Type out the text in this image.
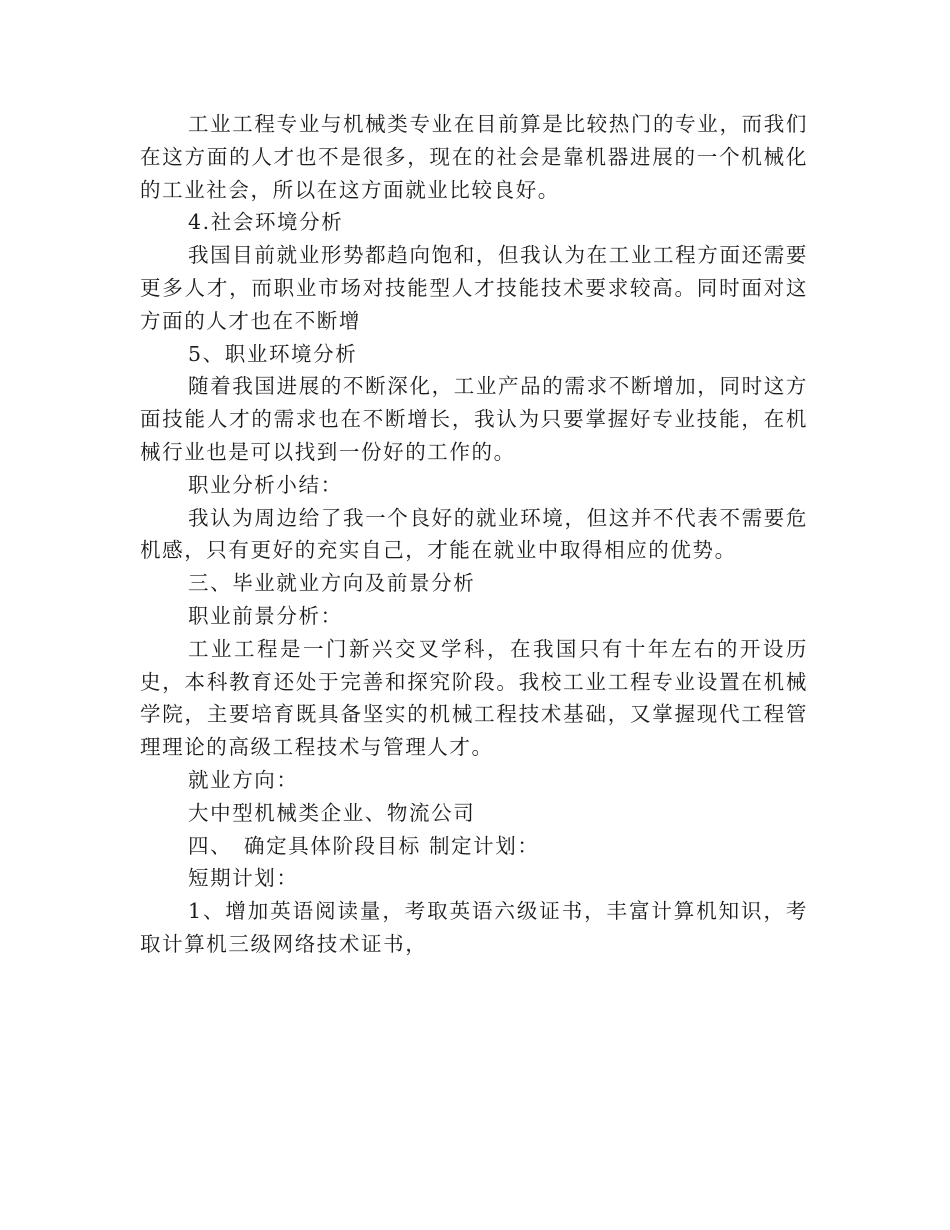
工业工程专业与机械类专业在目前算是比较热门的专业，而我们在这方面的人才也不是很多，现在的社会是靠机器进展的一个机械化的工业社会，所以在这方面就业比较良好。

4.社会环境分析

我国目前就业形势都趋向饱和，但我认为在工业工程方面还需要更多人才，而职业市场对技能型人才技能技术要求较高。同时面对这方面的人才也在不断增

5、职业环境分析

随着我国进展的不断深化，工业产品的需求不断增加，同时这方面技能人才的需求也在不断增长，我认为只要掌握好专业技能，在机械行业也是可以找到一份好的工作的。

职业分析小结：

我认为周边给了我一个良好的就业环境，但这并不代表不需要危机感，只有更好的充实自己，才能在就业中取得相应的优势。

三、毕业就业方向及前景分析

职业前景分析：

工业工程是一门新兴交叉学科，在我国只有十年左右的开设历史，本科教育还处于完善和探究阶段。我校工业工程专业设置在机械学院，主要培育既具备坚实的机械工程技术基础，又掌握现代工程管理理论的高级工程技术与管理人才。

就业方向：

大中型机械类企业、物流公司

四、　确定具体阶段目标 制定计划：

短期计划：

1、增加英语阅读量，考取英语六级证书，丰富计算机知识，考取计算机三级网络技术证书，
